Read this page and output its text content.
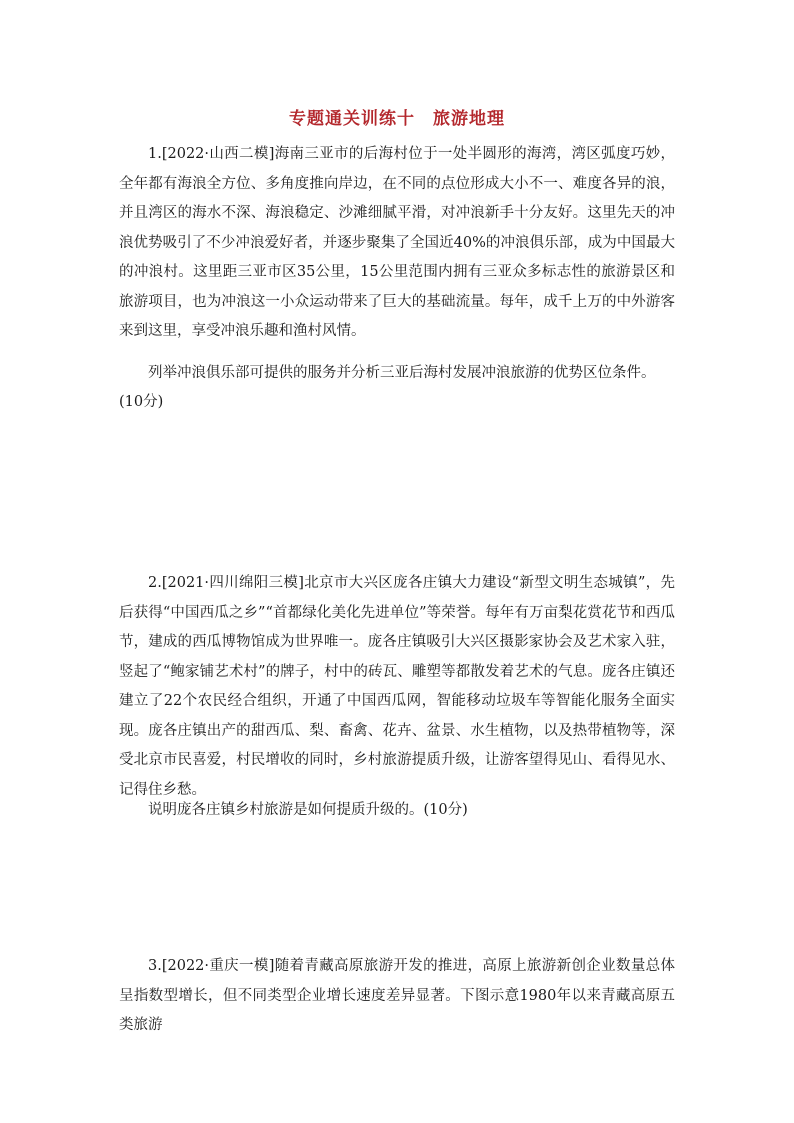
专题通关训练十　旅游地理
1.[2022·山西二模]海南三亚市的后海村位于一处半圆形的海湾，湾区弧度巧妙，全年都有海浪全方位、多角度推向岸边，在不同的点位形成大小不一、难度各异的浪，并且湾区的海水不深、海浪稳定、沙滩细腻平滑，对冲浪新手十分友好。这里先天的冲浪优势吸引了不少冲浪爱好者，并逐步聚集了全国近40%的冲浪俱乐部，成为中国最大的冲浪村。这里距三亚市区35公里，15公里范围内拥有三亚众多标志性的旅游景区和旅游项目，也为冲浪这一小众运动带来了巨大的基础流量。每年，成千上万的中外游客来到这里，享受冲浪乐趣和渔村风情。
列举冲浪俱乐部可提供的服务并分析三亚后海村发展冲浪旅游的优势区位条件。(10分)
2.[2021·四川绵阳三模]北京市大兴区庞各庄镇大力建设“新型文明生态城镇”，先后获得“中国西瓜之乡”“首都绿化美化先进单位”等荣誉。每年有万亩梨花赏花节和西瓜节，建成的西瓜博物馆成为世界唯一。庞各庄镇吸引大兴区摄影家协会及艺术家入驻，竖起了“鲍家铺艺术村”的牌子，村中的砖瓦、雕塑等都散发着艺术的气息。庞各庄镇还建立了22个农民经合组织，开通了中国西瓜网，智能移动垃圾车等智能化服务全面实现。庞各庄镇出产的甜西瓜、梨、畜禽、花卉、盆景、水生植物，以及热带植物等，深受北京市民喜爱，村民增收的同时，乡村旅游提质升级，让游客望得见山、看得见水、记得住乡愁。
说明庞各庄镇乡村旅游是如何提质升级的。(10分)
3.[2022·重庆一模]随着青藏高原旅游开发的推进，高原上旅游新创企业数量总体呈指数型增长，但不同类型企业增长速度差异显著。下图示意1980年以来青藏高原五类旅游
